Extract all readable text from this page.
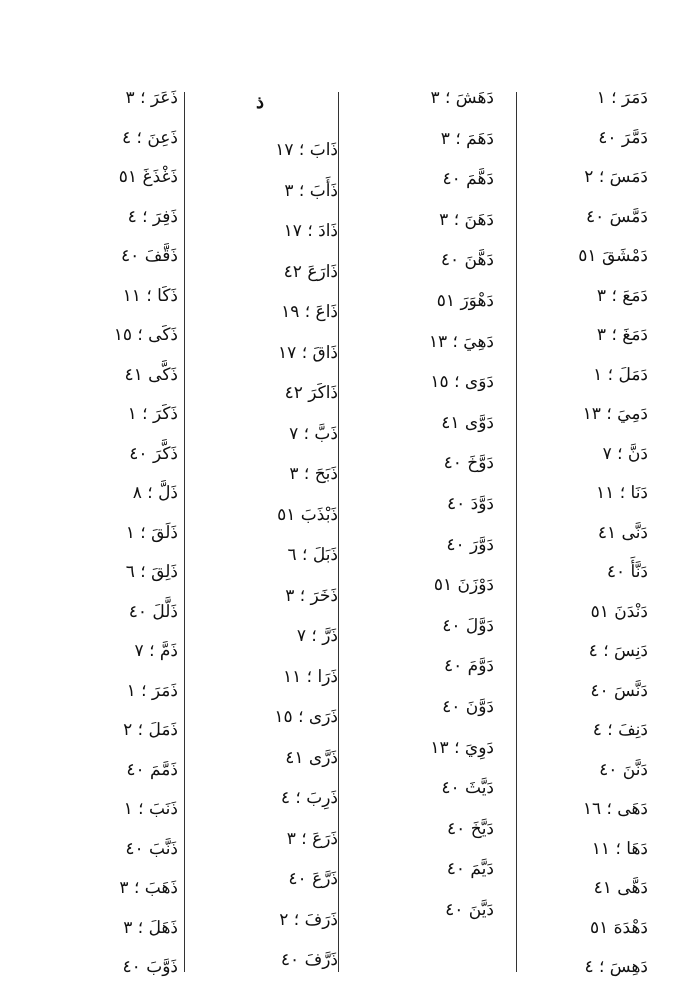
ذ	دَمَرَ ؛ ١
دَمَّرَ ٤٠
دَمَسَ ؛ ٢
دَمَّسَ ٤٠
دَمْشَقَ ٥١
دَمَعَ ؛ ٣
دَمَغَ ؛ ٣
دَمَلَ ؛ ١
دَمِيَ ؛ ١٣
دَنَّ ؛ ٧
دَنَا ؛ ١١
دَنَّى ٤١
دَنَّأَ ٤٠
دَنْدَنَ ٥١
دَنِسَ ؛ ٤
دَنَّسَ ٤٠
دَنِفَ ؛ ٤
دَنَّنَ ٤٠
دَهَى ؛ ١٦
دَهَا ؛ ١١
دَهَّى ٤١
دَهْدَهَ ٥١
دَهِسَ ؛ ٤
دَهَشَ ؛ ٣
دَهَمَ ؛ ٣
دَهَّمَ ٤٠
دَهَنَ ؛ ٣
دَهَّنَ ٤٠
دَهْوَرَ ٥١
دَهِيَ ؛ ١٣
دَوَى ؛ ١٥
دَوَّى ٤١
دَوَّخَ ٤٠
دَوَّدَ ٤٠
دَوَّرَ ٤٠
دَوْزَنَ ٥١
دَوَّلَ ٤٠
دَوَّمَ ٤٠
دَوَّنَ ٤٠
دَوِيَ ؛ ١٣
دَيَّثَ ٤٠
دَيَّخَ ٤٠
دَيَّمَ ٤٠
دَيَّنَ ٤٠
ذَابَ ؛ ١٧
ذَأَبَ ؛ ٣
ذَادَ ؛ ١٧
ذَارَعَ ٤٢
ذَاعَ ؛ ١٩
ذَاقَ ؛ ١٧
ذَاكَرَ ٤٢
ذَبَّ ؛ ٧
ذَبَحَ ؛ ٣
ذَبْذَبَ ٥١
ذَبَلَ ؛ ٦
ذَخَرَ ؛ ٣
ذَرَّ ؛ ٧
ذَرَا ؛ ١١
ذَرَى ؛ ١٥
ذَرَّى ٤١
ذَرِبَ ؛ ٤
ذَرَعَ ؛ ٣
ذَرَّعَ ٤٠
ذَرَفَ ؛ ٢
ذَرَّفَ ٤٠
ذَعَرَ ؛ ٣
ذَعِنَ ؛ ٤
ذَغْذَغَ ٥١
ذَفِرَ ؛ ٤
ذَقَّفَ ٤٠
ذَكَا ؛ ١١
ذَكَى ؛ ١٥
ذَكَّى ٤١
ذَكَرَ ؛ ١
ذَكَّرَ ٤٠
ذَلَّ ؛ ٨
ذَلَقَ ؛ ١
ذَلِقَ ؛ ٦
ذَلَّلَ ٤٠
ذَمَّ ؛ ٧
ذَمَرَ ؛ ١
ذَمَلَ ؛ ٢
ذَمَّمَ ٤٠
ذَنَبَ ؛ ١
ذَنَّبَ ٤٠
ذَهَبَ ؛ ٣
ذَهَلَ ؛ ٣
ذَوَّبَ ٤٠
